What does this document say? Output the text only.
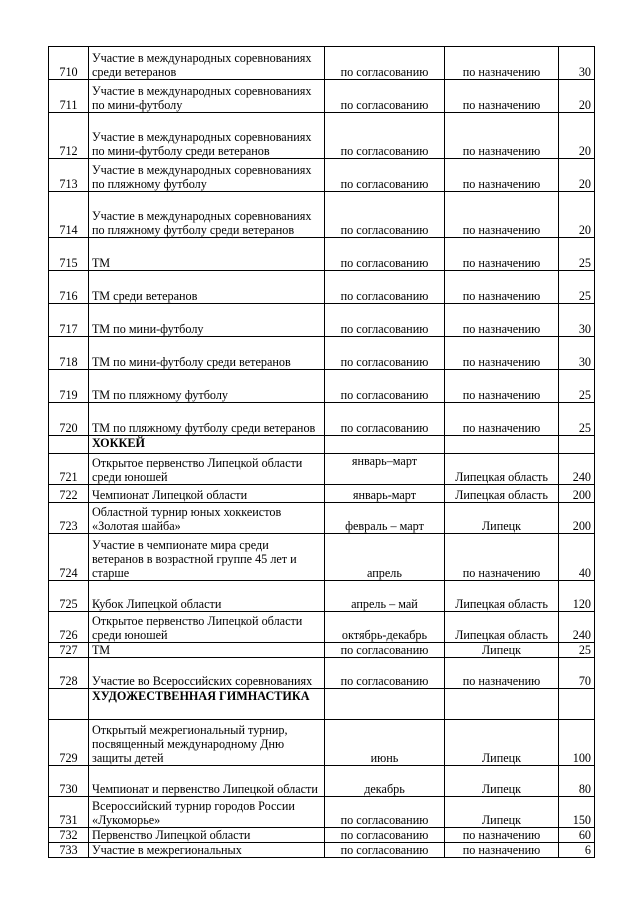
710	Участие в международных соревнованиях среди ветеранов	по согласованию	по назначению	30
711	Участие в международных соревнованиях по мини-футболу	по согласованию	по назначению	20
712	Участие в международных соревнованиях по мини-футболу среди ветеранов	по согласованию	по назначению	20
713	Участие в международных соревнованиях по пляжному футболу	по согласованию	по назначению	20
714	Участие в международных соревнованиях по пляжному футболу среди ветеранов	по согласованию	по назначению	20
715	ТМ	по согласованию	по назначению	25
716	ТМ среди ветеранов	по согласованию	по назначению	25
717	ТМ по мини-футболу	по согласованию	по назначению	30
718	ТМ по мини-футболу среди ветеранов	по согласованию	по назначению	30
719	ТМ по пляжному футболу	по согласованию	по назначению	25
720	ТМ по пляжному футболу среди ветеранов	по согласованию	по назначению	25
	ХОККЕЙ			
721	Открытое первенство Липецкой области среди юношей	январь–март	Липецкая область	240
722	Чемпионат Липецкой области	январь-март	Липецкая область	200
723	Областной турнир юных хоккеистов «Золотая шайба»	февраль – март	Липецк	200
724	Участие в чемпионате мира среди ветеранов в возрастной группе 45 лет и старше	апрель	по назначению	40
725	Кубок Липецкой области	апрель – май	Липецкая область	120
726	Открытое первенство Липецкой области среди юношей	октябрь-декабрь	Липецкая область	240
727	ТМ	по согласованию	Липецк	25
728	Участие во Всероссийских соревнованиях	по согласованию	по назначению	70
	ХУДОЖЕСТВЕННАЯ ГИМНАСТИКА			
729	Открытый межрегиональный турнир, посвященный международному Дню защиты детей	июнь	Липецк	100
730	Чемпионат и первенство Липецкой области	декабрь	Липецк	80
731	Всероссийский турнир городов России «Лукоморье»	по согласованию	Липецк	150
732	Первенство Липецкой области	по согласованию	по назначению	60
733	Участие в межрегиональных	по согласованию	по назначению	6
